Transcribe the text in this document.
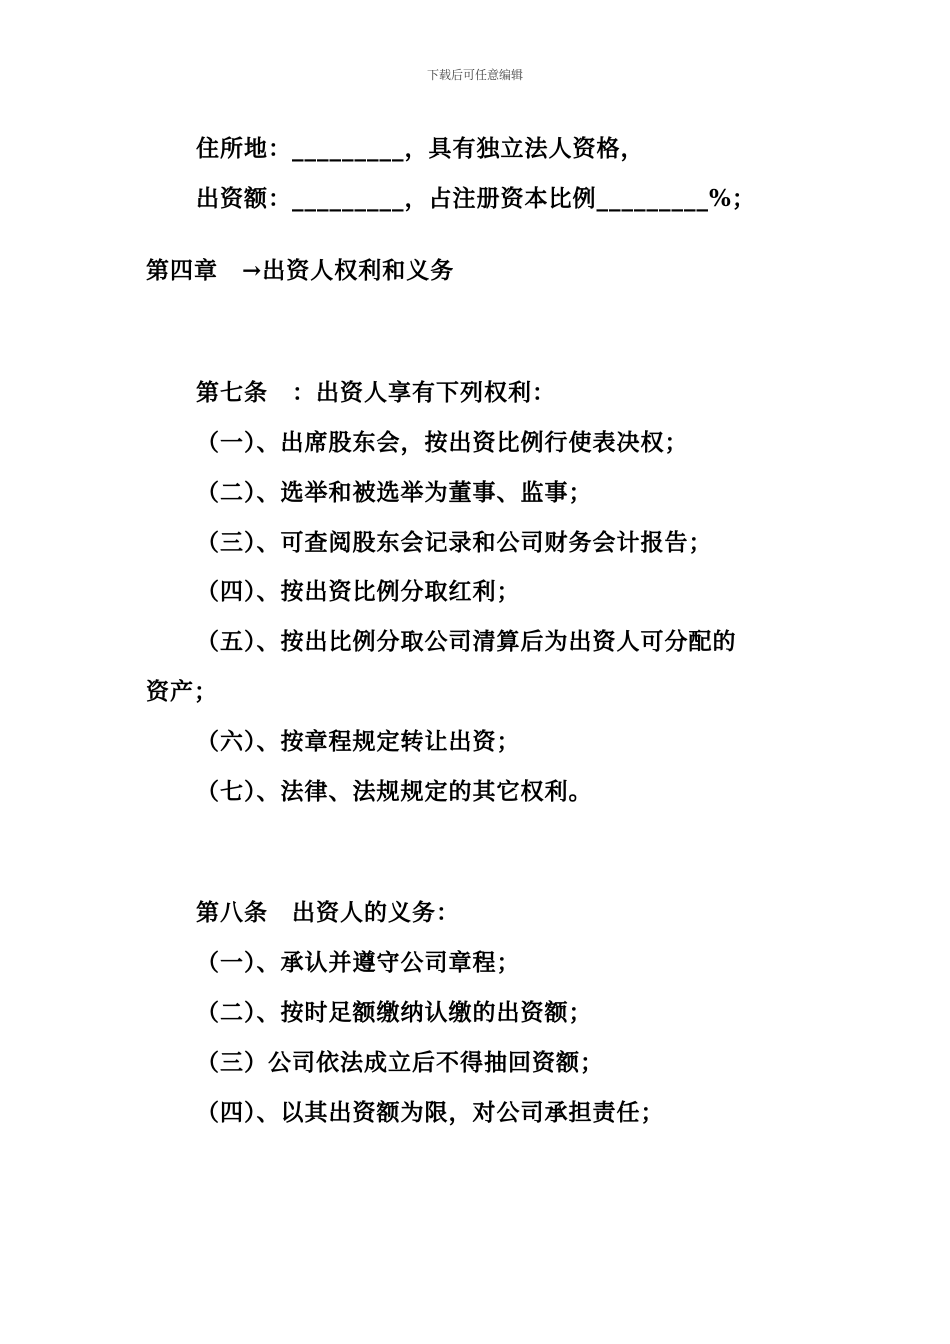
下载后可任意编辑
住所地：_________，具有独立法人资格，
出资额：_________，占注册资本比例_________%；
第四章　→出资人权利和义务
第七条　：出资人享有下列权利：
（一）、出席股东会，按出资比例行使表决权；
（二）、选举和被选举为董事、监事；
（三）、可查阅股东会记录和公司财务会计报告；
（四）、按出资比例分取红利；
（五）、按出比例分取公司清算后为出资人可分配的
资产；
（六）、按章程规定转让出资；
（七）、法律、法规规定的其它权利。
第八条　出资人的义务：
（一）、承认并遵守公司章程；
（二）、按时足额缴纳认缴的出资额；
（三）公司依法成立后不得抽回资额；
（四）、以其出资额为限，对公司承担责任；
